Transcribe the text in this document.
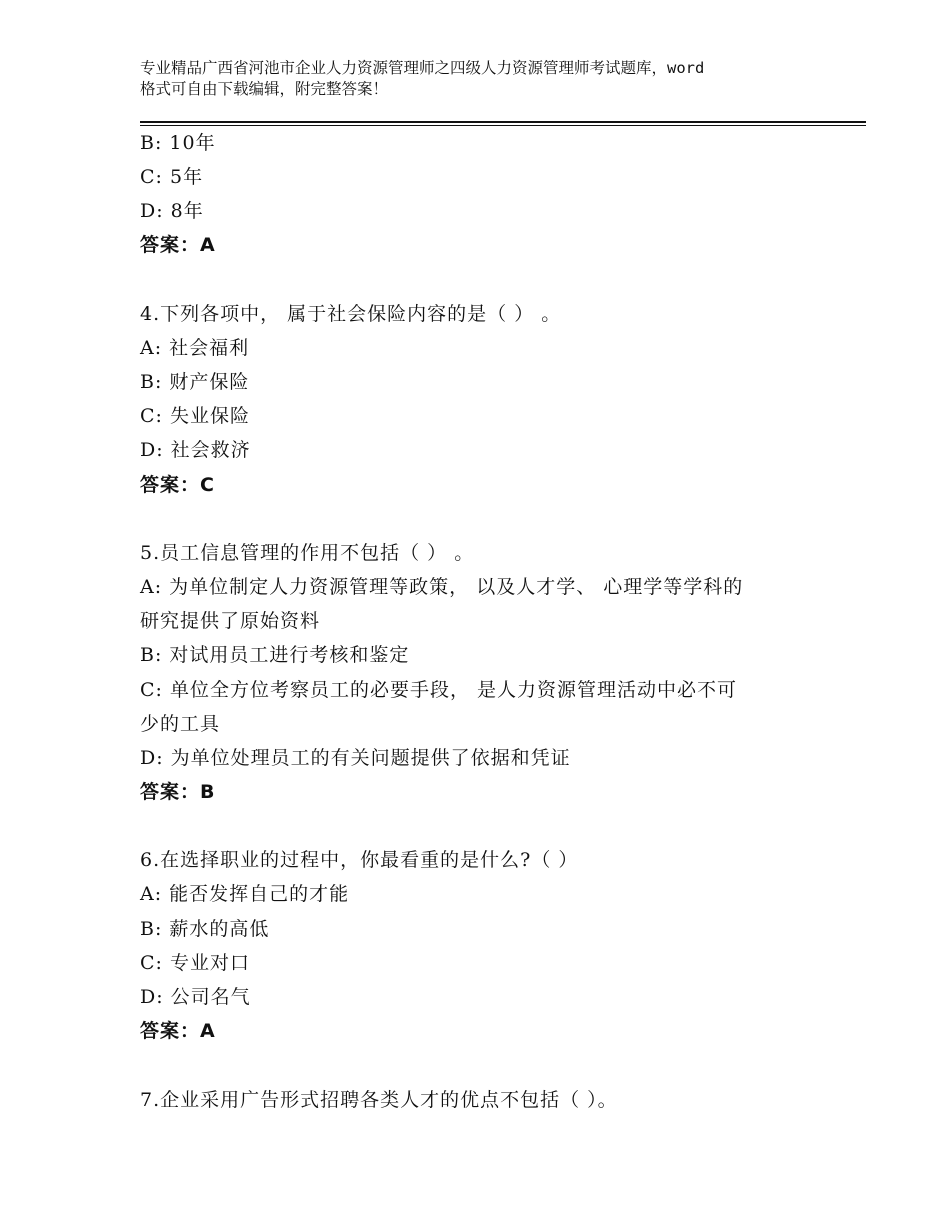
专业精品广西省河池市企业人力资源管理师之四级人力资源管理师考试题库，word
格式可自由下载编辑，附完整答案！
B: 10年
C: 5年
D: 8年
答案：A
4.下列各项中， 属于社会保险内容的是（ ） 。
A: 社会福利
B: 财产保险
C: 失业保险
D: 社会救济
答案：C
5.员工信息管理的作用不包括（ ） 。
A: 为单位制定人力资源管理等政策， 以及人才学、 心理学等学科的
研究提供了原始资料
B: 对试用员工进行考核和鉴定
C: 单位全方位考察员工的必要手段， 是人力资源管理活动中必不可
少的工具
D: 为单位处理员工的有关问题提供了依据和凭证
答案：B
6.在选择职业的过程中，你最看重的是什么?（ ）
A: 能否发挥自己的才能
B: 薪水的高低
C: 专业对口
D: 公司名气
答案：A
7.企业采用广告形式招聘各类人才的优点不包括（ ）。
